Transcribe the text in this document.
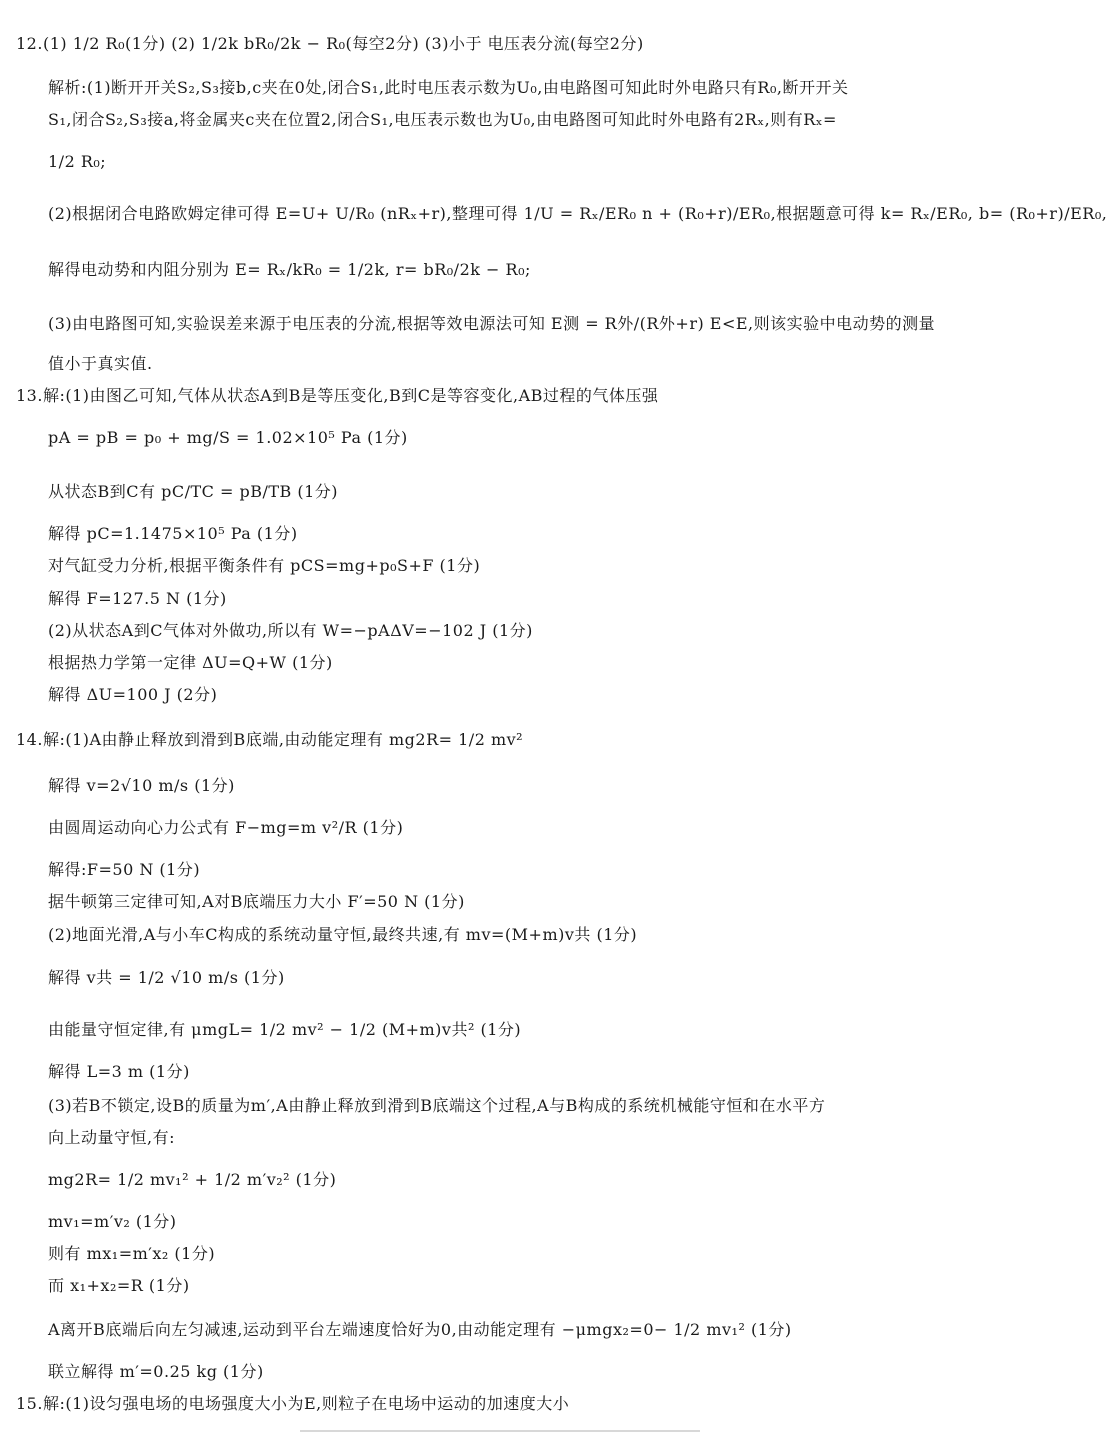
12.(1) 1/2 R₀(1分) (2) 1/2k bR₀/2k − R₀(每空2分) (3)小于 电压表分流(每空2分)
解析:(1)断开开关S₂,S₃接b,c夹在0处,闭合S₁,此时电压表示数为U₀,由电路图可知此时外电路只有R₀,断开开关
S₁,闭合S₂,S₃接a,将金属夹c夹在位置2,闭合S₁,电压表示数也为U₀,由电路图可知此时外电路有2Rₓ,则有Rₓ=
1/2 R₀;
(2)根据闭合电路欧姆定律可得 E=U+ U/R₀ (nRₓ+r),整理可得 1/U = Rₓ/ER₀ n + (R₀+r)/ER₀,根据题意可得 k= Rₓ/ER₀, b= (R₀+r)/ER₀,
解得电动势和内阻分别为 E= Rₓ/kR₀ = 1/2k, r= bR₀/2k − R₀;
(3)由电路图可知,实验误差来源于电压表的分流,根据等效电源法可知 E测 = R外/(R外+r) E<E,则该实验中电动势的测量
值小于真实值.
13.解:(1)由图乙可知,气体从状态A到B是等压变化,B到C是等容变化,AB过程的气体压强
pA = pB = p₀ + mg/S = 1.02×10⁵ Pa (1分)
从状态B到C有 pC/TC = pB/TB (1分)
解得 pC=1.1475×10⁵ Pa (1分)
对气缸受力分析,根据平衡条件有 pCS=mg+p₀S+F (1分)
解得 F=127.5 N (1分)
(2)从状态A到C气体对外做功,所以有 W=−pAΔV=−102 J (1分)
根据热力学第一定律 ΔU=Q+W (1分)
解得 ΔU=100 J (2分)
14.解:(1)A由静止释放到滑到B底端,由动能定理有 mg2R= 1/2 mv²
解得 v=2√10 m/s (1分)
由圆周运动向心力公式有 F−mg=m v²/R (1分)
解得:F=50 N (1分)
据牛顿第三定律可知,A对B底端压力大小 F′=50 N (1分)
(2)地面光滑,A与小车C构成的系统动量守恒,最终共速,有 mv=(M+m)v共 (1分)
解得 v共 = 1/2 √10 m/s (1分)
由能量守恒定律,有 μmgL= 1/2 mv² − 1/2 (M+m)v共² (1分)
解得 L=3 m (1分)
(3)若B不锁定,设B的质量为m′,A由静止释放到滑到B底端这个过程,A与B构成的系统机械能守恒和在水平方
向上动量守恒,有:
mg2R= 1/2 mv₁² + 1/2 m′v₂² (1分)
mv₁=m′v₂ (1分)
则有 mx₁=m′x₂ (1分)
而 x₁+x₂=R (1分)
A离开B底端后向左匀减速,运动到平台左端速度恰好为0,由动能定理有 −μmgx₂=0− 1/2 mv₁² (1分)
联立解得 m′=0.25 kg (1分)
15.解:(1)设匀强电场的电场强度大小为E,则粒子在电场中运动的加速度大小
